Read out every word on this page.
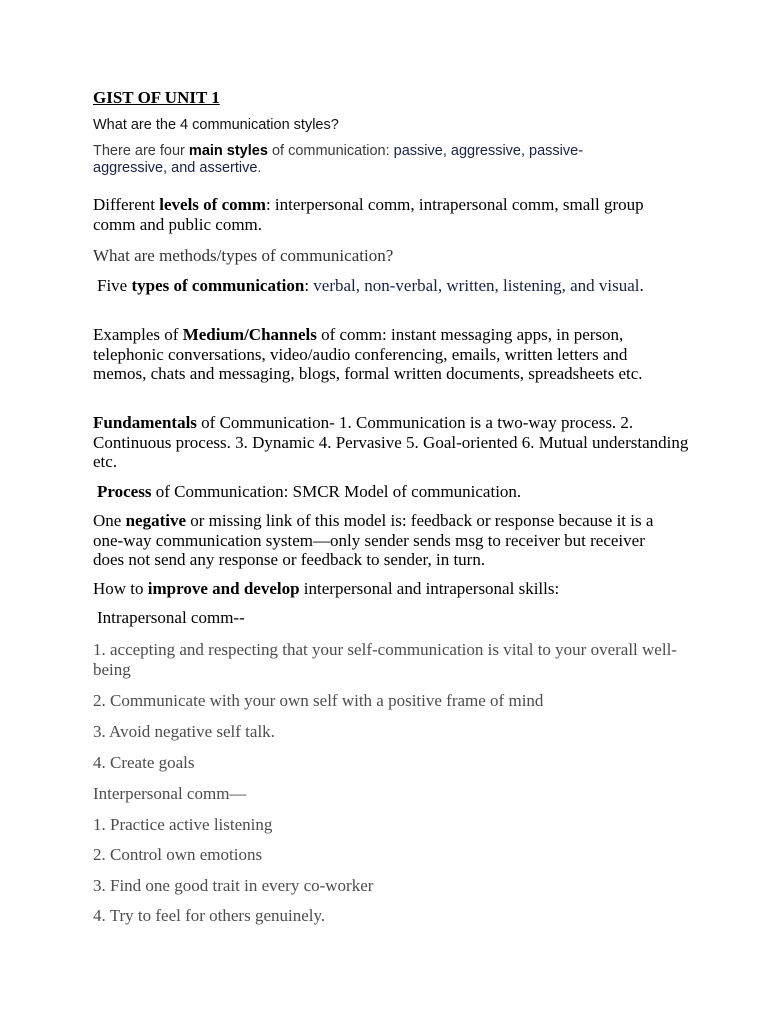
GIST OF UNIT 1

What are the 4 communication styles?

There are four main styles of communication: passive, aggressive, passive-aggressive, and assertive.

Different levels of comm: interpersonal comm, intrapersonal comm, small group comm and public comm.

What are methods/types of communication?

Five types of communication: verbal, non-verbal, written, listening, and visual.

Examples of Medium/Channels of comm: instant messaging apps, in person, telephonic conversations, video/audio conferencing, emails, written letters and memos, chats and messaging, blogs, formal written documents, spreadsheets etc.

Fundamentals of Communication- 1. Communication is a two-way process. 2. Continuous process. 3. Dynamic 4. Pervasive 5. Goal-oriented 6. Mutual understanding etc.

Process of Communication: SMCR Model of communication.

One negative or missing link of this model is: feedback or response because it is a one-way communication system—only sender sends msg to receiver but receiver does not send any response or feedback to sender, in turn.

How to improve and develop interpersonal and intrapersonal skills:

Intrapersonal comm--

1. accepting and respecting that your self-communication is vital to your overall well-being

2. Communicate with your own self with a positive frame of mind

3. Avoid negative self talk.

4. Create goals

Interpersonal comm—

1. Practice active listening

2. Control own emotions

3. Find one good trait in every co-worker

4. Try to feel for others genuinely.
